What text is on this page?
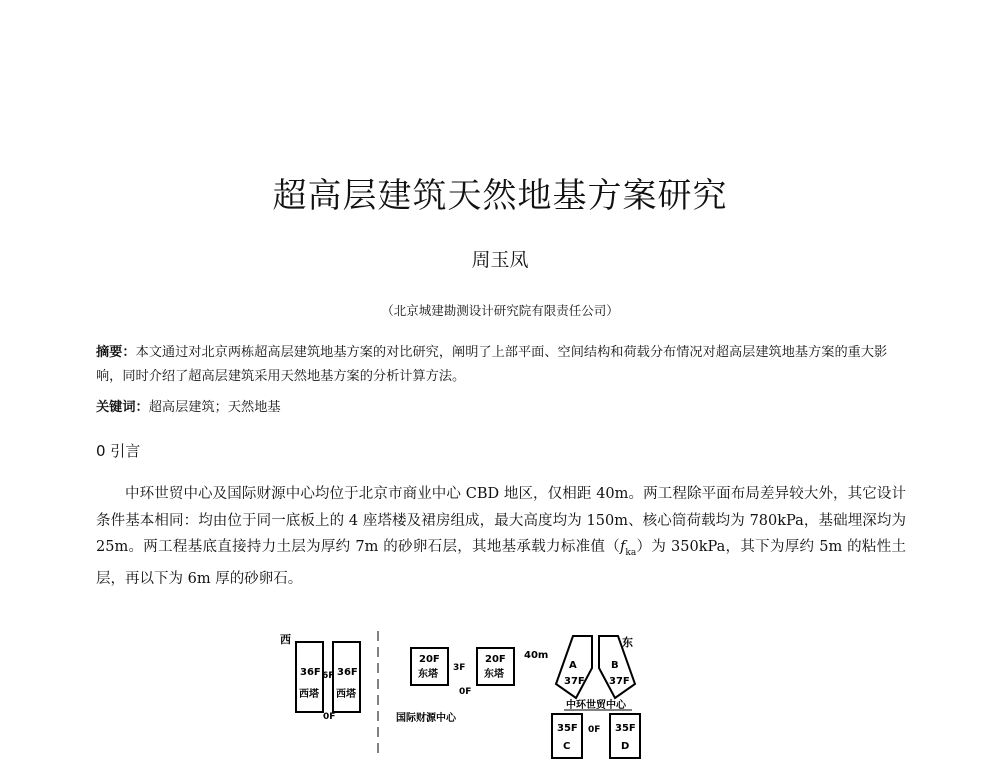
超高层建筑天然地基方案研究
周玉凤
（北京城建勘测设计研究院有限责任公司）
摘要：本文通过对北京两栋超高层建筑地基方案的对比研究，阐明了上部平面、空间结构和荷载分布情况对超高层建筑地基方案的重大影响，同时介绍了超高层建筑采用天然地基方案的分析计算方法。
关键词：超高层建筑；天然地基
0 引言
中环世贸中心及国际财源中心均位于北京市商业中心 CBD 地区，仅相距 40m。两工程除平面布局差异较大外，其它设计条件基本相同：均由位于同一底板上的 4 座塔楼及裙房组成，最大高度均为 150m、核心筒荷载均为 780kPa，基础埋深均为 25m。两工程基底直接持力土层为厚约 7m 的砂卵石层，其地基承载力标准值$(f_{ka})$为 350kPa，其下为厚约 5m 的粘性土层，再以下为 6m 厚的砂卵石。
西
36F 36F
西塔 西塔
6F
0F
20F	20F
东塔	东塔
3F
0F
国际财源中心
40m
东
A
37F
B
37F
中环世贸中心
35F
C
35F
D
0F
